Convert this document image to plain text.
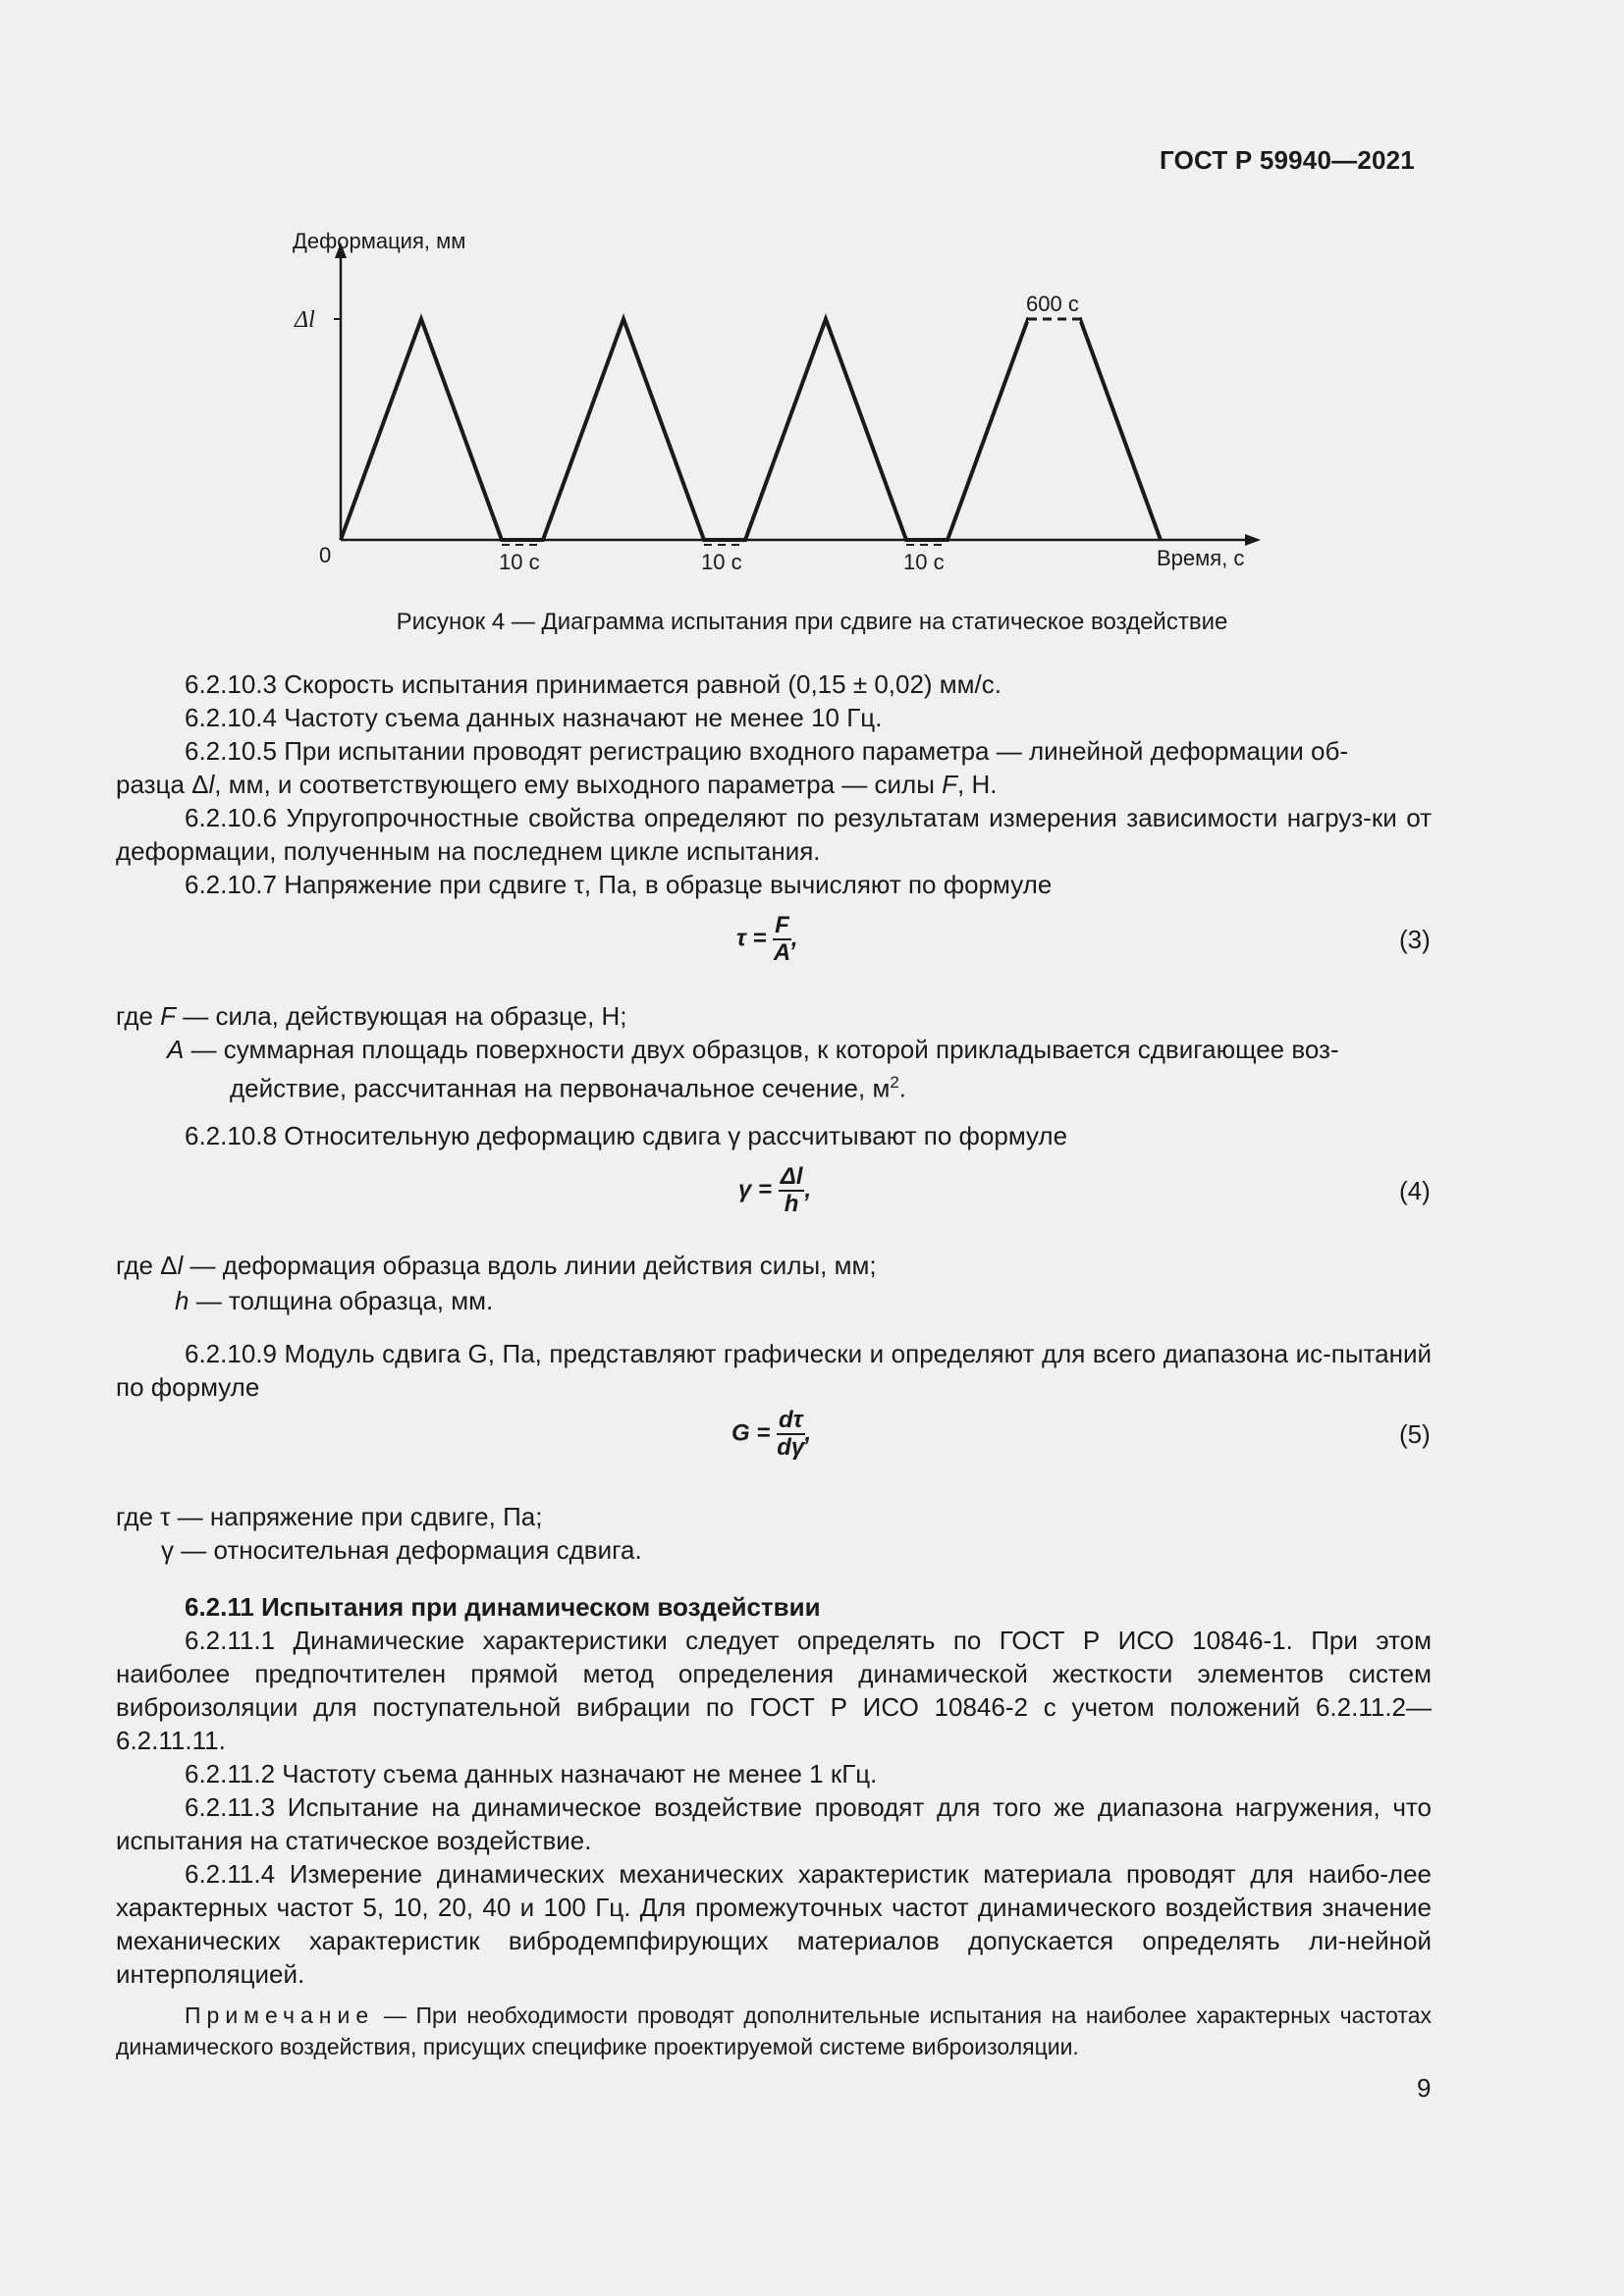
ГОСТ Р 59940—2021
Деформация, мм
Δl
0	10 с	10 с	10 с
600 с
Время, с
Рисунок 4 — Диаграмма испытания при сдвиге на статическое воздействие
6.2.10.3 Скорость испытания принимается равной (0,15 ± 0,02) мм/с.
6.2.10.4 Частоту съема данных назначают не менее 10 Гц.
6.2.10.5 При испытании проводят регистрацию входного параметра — линейной деформации об-
разца Δl, мм, и соответствующего ему выходного параметра — силы F, Н.
6.2.10.6 Упругопрочностные свойства определяют по результатам измерения зависимости нагруз-ки от деформации, полученным на последнем цикле испытания.
6.2.10.7 Напряжение при сдвиге τ, Па, в образце вычисляют по формуле
$\tau = \frac{F}{A}$ ,	(3)
где F — сила, действующая на образце, Н;
A — суммарная площадь поверхности двух образцов, к которой прикладывается сдвигающее воз-
действие, рассчитанная на первоначальное сечение, $м^2$.
6.2.10.8 Относительную деформацию сдвига γ рассчитывают по формуле
$\gamma = \frac{\Delta l}{h}$ ,	(4)
где Δl — деформация образца вдоль линии действия силы, мм;
h — толщина образца, мм.
6.2.10.9 Модуль сдвига G, Па, представляют графически и определяют для всего диапазона ис-пытаний по формуле
$G = \frac{d\tau}{d\gamma}$ ,	(5)
где τ — напряжение при сдвиге, Па;
γ — относительная деформация сдвига.
6.2.11 Испытания при динамическом воздействии
6.2.11.1 Динамические характеристики следует определять по ГОСТ Р ИСО 10846-1. При этом наиболее предпочтителен прямой метод определения динамической жесткости элементов систем виброизоляции для поступательной вибрации по ГОСТ Р ИСО 10846-2 с учетом положений 6.2.11.2— 6.2.11.11.
6.2.11.2 Частоту съема данных назначают не менее 1 кГц.
6.2.11.3 Испытание на динамическое воздействие проводят для того же диапазона нагружения, что испытания на статическое воздействие.
6.2.11.4 Измерение динамических механических характеристик материала проводят для наибо-лее характерных частот 5, 10, 20, 40 и 100 Гц. Для промежуточных частот динамического воздействия значение механических характеристик вибродемпфирующих материалов допускается определять ли-нейной интерполяцией.
Примечание — При необходимости проводят дополнительные испытания на наиболее характерных частотах динамического воздействия, присущих специфике проектируемой системе виброизоляции.
9
